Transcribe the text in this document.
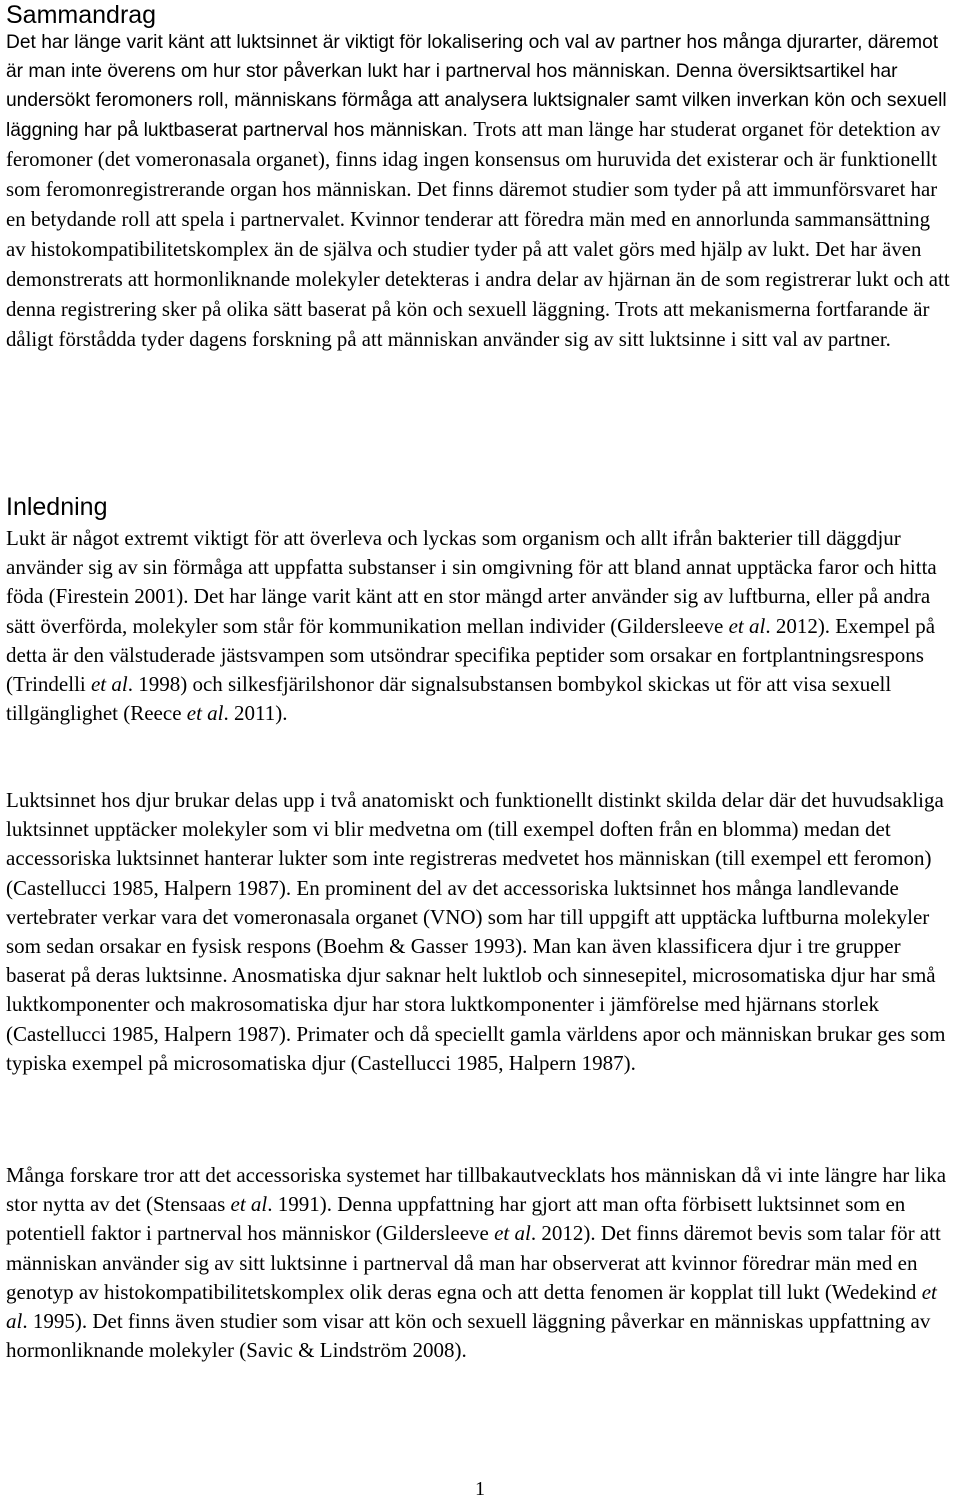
Sammandrag

Det har länge varit känt att luktsinnet är viktigt för lokalisering och val av partner hos många djurarter, däremot är man inte överens om hur stor påverkan lukt har i partnerval hos människan. Denna översiktsartikel har undersökt feromoners roll, människans förmåga att analysera luktsignaler samt vilken inverkan kön och sexuell läggning har på luktbaserat partnerval hos människan. Trots att man länge har studerat organet för detektion av feromoner (det vomeronasala organet), finns idag ingen konsensus om huruvida det existerar och är funktionellt som feromonregistrerande organ hos människan. Det finns däremot studier som tyder på att immunförsvaret har en betydande roll att spela i partnervalet. Kvinnor tenderar att föredra män med en annorlunda sammansättning av histokompatibilitetskomplex än de själva och studier tyder på att valet görs med hjälp av lukt. Det har även demonstrerats att hormonliknande molekyler detekteras i andra delar av hjärnan än de som registrerar lukt och att denna registrering sker på olika sätt baserat på kön och sexuell läggning. Trots att mekanismerna fortfarande är dåligt förstådda tyder dagens forskning på att människan använder sig av sitt luktsinne i sitt val av partner.

Inledning

Lukt är något extremt viktigt för att överleva och lyckas som organism och allt ifrån bakterier till däggdjur använder sig av sin förmåga att uppfatta substanser i sin omgivning för att bland annat upptäcka faror och hitta föda (Firestein 2001). Det har länge varit känt att en stor mängd arter använder sig av luftburna, eller på andra sätt överförda, molekyler som står för kommunikation mellan individer (Gildersleeve et al. 2012). Exempel på detta är den välstuderade jästsvampen som utsöndrar specifika peptider som orsakar en fortplantningsrespons (Trindelli et al. 1998) och silkesfjärilshonor där signalsubstansen bombykol skickas ut för att visa sexuell tillgänglighet (Reece et al. 2011).

Luktsinnet hos djur brukar delas upp i två anatomiskt och funktionellt distinkt skilda delar där det huvudsakliga luktsinnet upptäcker molekyler som vi blir medvetna om (till exempel doften från en blomma) medan det accessoriska luktsinnet hanterar lukter som inte registreras medvetet hos människan (till exempel ett feromon) (Castellucci 1985, Halpern 1987). En prominent del av det accessoriska luktsinnet hos många landlevande vertebrater verkar vara det vomeronasala organet (VNO) som har till uppgift att upptäcka luftburna molekyler som sedan orsakar en fysisk respons (Boehm & Gasser 1993). Man kan även klassificera djur i tre grupper baserat på deras luktsinne. Anosmatiska djur saknar helt luktlob och sinnesepitel, microsomatiska djur har små luktkomponenter och makrosomatiska djur har stora luktkomponenter i jämförelse med hjärnans storlek (Castellucci 1985, Halpern 1987). Primater och då speciellt gamla världens apor och människan brukar ges som typiska exempel på microsomatiska djur (Castellucci 1985, Halpern 1987).

Många forskare tror att det accessoriska systemet har tillbakautvecklats hos människan då vi inte längre har lika stor nytta av det (Stensaas et al. 1991). Denna uppfattning har gjort att man ofta förbisett luktsinnet som en potentiell faktor i partnerval hos människor (Gildersleeve et al. 2012). Det finns däremot bevis som talar för att människan använder sig av sitt luktsinne i partnerval då man har observerat att kvinnor föredrar män med en genotyp av histokompatibilitetskomplex olik deras egna och att detta fenomen är kopplat till lukt (Wedekind et al. 1995). Det finns även studier som visar att kön och sexuell läggning påverkar en människas uppfattning av hormonliknande molekyler (Savic & Lindström 2008).

1
